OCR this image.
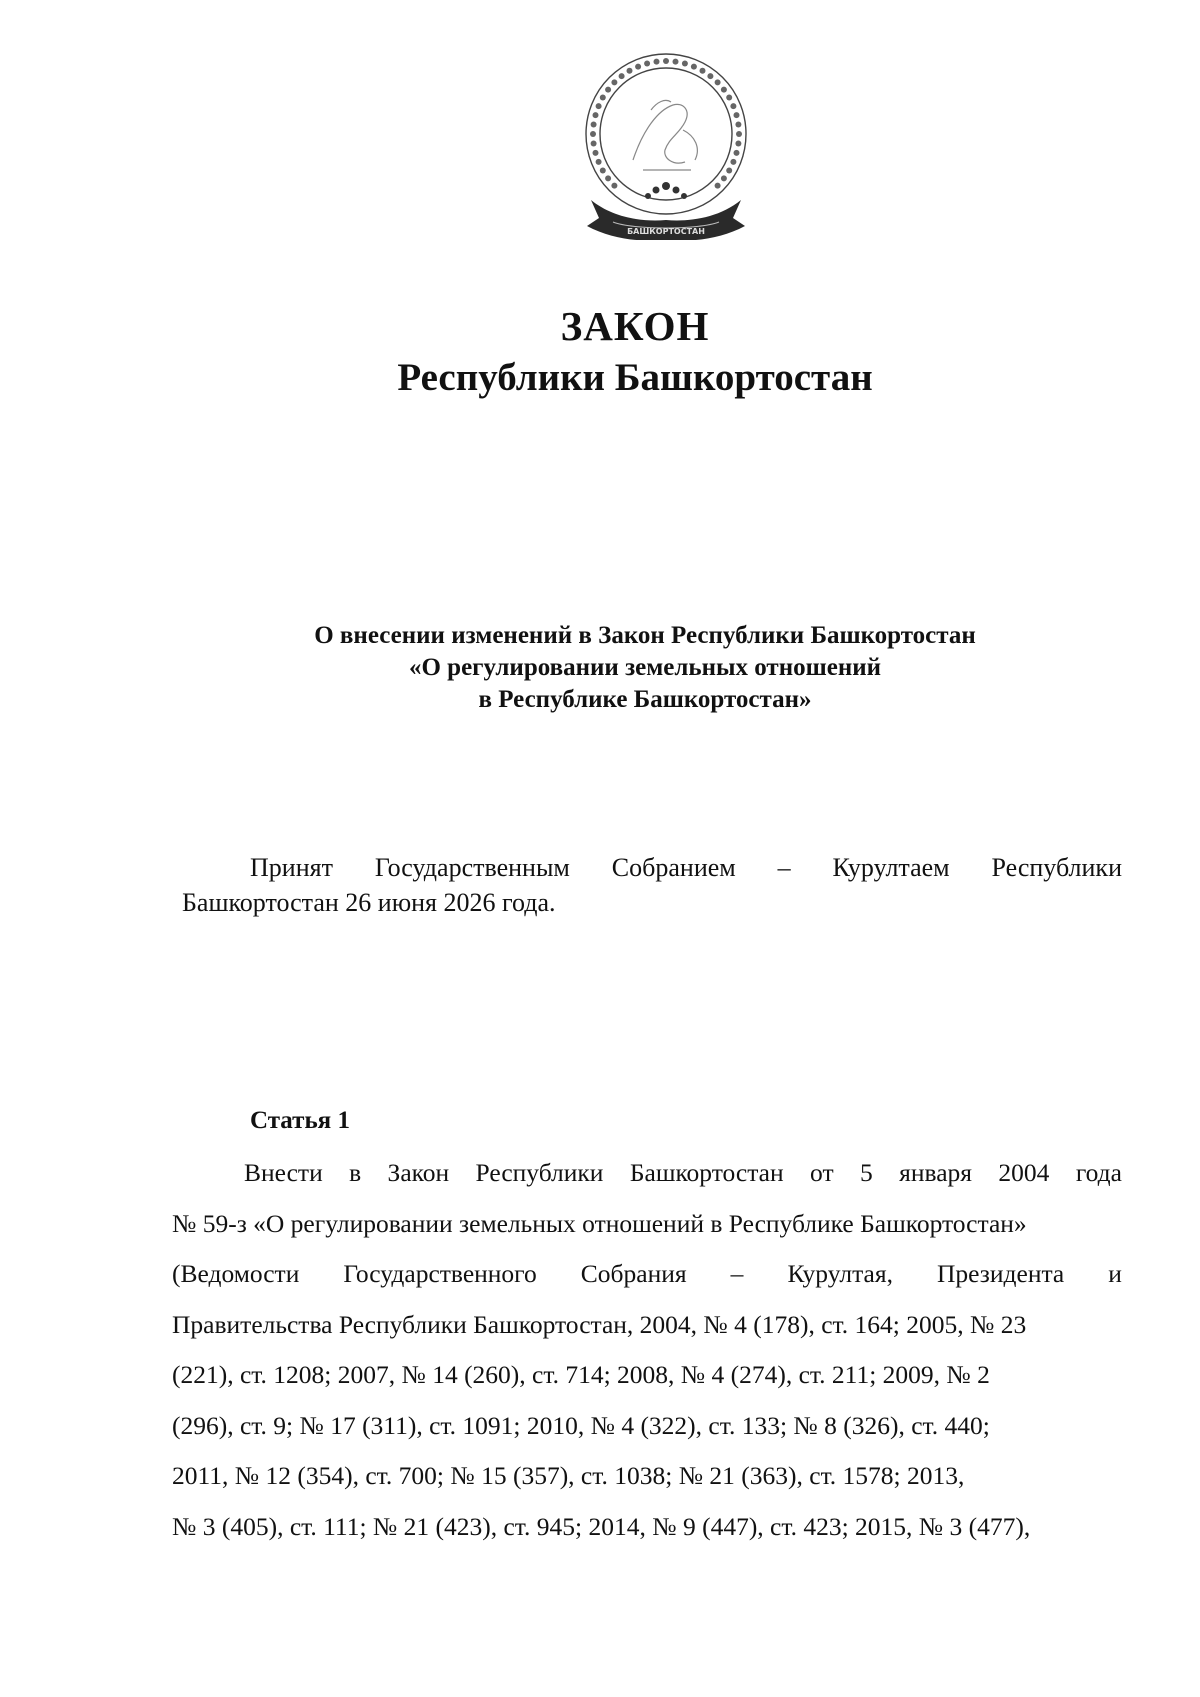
БАШКОРТОСТАН
ЗАКОН
Республики Башкортостан
О внесении изменений в Закон Республики Башкортостан
«О регулировании земельных отношений
в Республике Башкортостан»
Принят Государственным Собранием – Курултаем Республики
Башкортостан 26 июня 2026 года.
Статья 1
Внести в Закон Республики Башкортостан от 5 января 2004 года
№ 59-з «О регулировании земельных отношений в Республике Башкортостан»
(Ведомости Государственного Собрания – Курултая, Президента и
Правительства Республики Башкортостан, 2004, № 4 (178), ст. 164; 2005, № 23
(221), ст. 1208; 2007, № 14 (260), ст. 714; 2008, № 4 (274), ст. 211; 2009, № 2
(296), ст. 9; № 17 (311), ст. 1091; 2010, № 4 (322), ст. 133; № 8 (326), ст. 440;
2011, № 12 (354), ст. 700; № 15 (357), ст. 1038; № 21 (363), ст. 1578; 2013,
№ 3 (405), ст. 111; № 21 (423), ст. 945; 2014, № 9 (447), ст. 423; 2015, № 3 (477),
